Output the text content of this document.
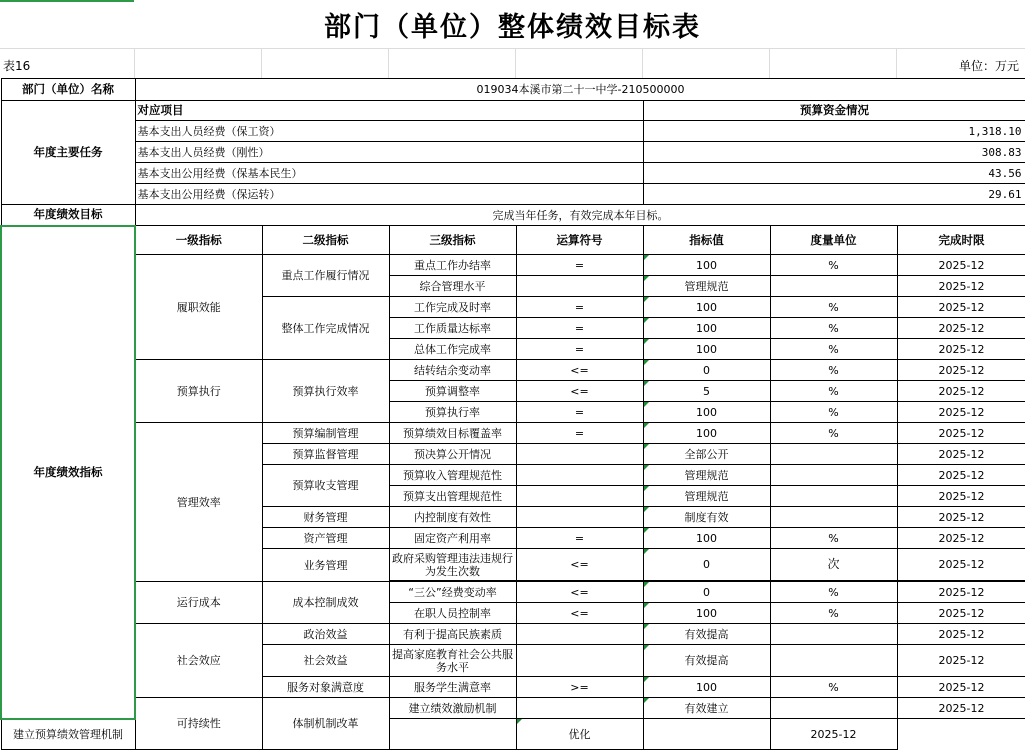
部门（单位）整体绩效目标表
表16	单位：万元
部门（单位）名称	019034本溪市第二十一中学-210500000						
年度主要任务	对应项目				预算资金情况		
	基本支出人员经费（保工资）				1,318.10		
	基本支出人员经费（刚性）				308.83		
	基本支出公用经费（保基本民生）				43.56		
	基本支出公用经费（保运转）				29.61		
年度绩效目标	完成当年任务，有效完成本年目标。						
年度绩效指标	一级指标	二级指标	三级指标	运算符号	指标值	度量单位	完成时限
	履职效能	重点工作履行情况	重点工作办结率	=	100	%	2025-12
			综合管理水平		管理规范		2025-12
		整体工作完成情况	工作完成及时率	=	100	%	2025-12
			工作质量达标率	=	100	%	2025-12
			总体工作完成率	=	100	%	2025-12
	预算执行	预算执行效率	结转结余变动率	<=	0	%	2025-12
			预算调整率	<=	5	%	2025-12
			预算执行率	=	100	%	2025-12
	管理效率	预算编制管理	预算绩效目标覆盖率	=	100	%	2025-12
		预算监督管理	预决算公开情况		全部公开		2025-12
		预算收支管理	预算收入管理规范性		管理规范		2025-12
			预算支出管理规范性		管理规范		2025-12
		财务管理	内控制度有效性		制度有效		2025-12
		资产管理	固定资产利用率	=	100	%	2025-12
		业务管理	政府采购管理违法违规行为发生次数	<=	0	次	2025-12

	运行成本	成本控制成效	“三公”经费变动率	<=	0	%	2025-12
			在职人员控制率	<=	100	%	2025-12
	社会效应	政治效益	有利于提高民族素质		有效提高		2025-12
		社会效益	提高家庭教育社会公共服务水平		有效提高		2025-12
		服务对象满意度	服务学生满意率	>=	100	%	2025-12
	可持续性	体制机制改革	建立绩效激励机制		有效建立		2025-12
建立预算绩效管理机制				优化		2025-12	
